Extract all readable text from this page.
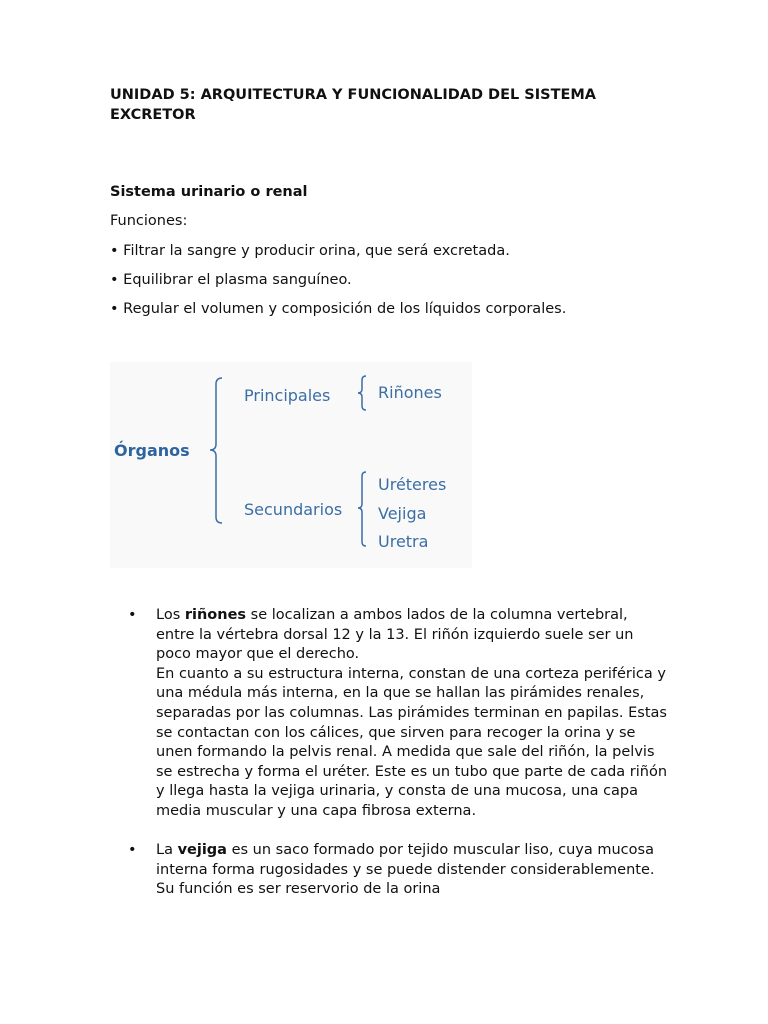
UNIDAD 5: ARQUITECTURA Y FUNCIONALIDAD DEL SISTEMA EXCRETOR
Sistema urinario o renal

Funciones:

• Filtrar la sangre y producir orina, que será excretada.

• Equilibrar el plasma sanguíneo.

• Regular el volumen y composición de los líquidos corporales.

Órganos
Principales	Riñones
Secundarios
Uréteres
Vejiga
Uretra
• Los riñones se localizan a ambos lados de la columna vertebral, entre la vértebra dorsal 12 y la 13. El riñón izquierdo suele ser un poco mayor que el derecho.

En cuanto a su estructura interna, constan de una corteza periférica y una médula más interna, en la que se hallan las pirámides renales, separadas por las columnas. Las pirámides terminan en papilas. Estas se contactan con los cálices, que sirven para recoger la orina y se unen formando la pelvis renal. A medida que sale del riñón, la pelvis se estrecha y forma el uréter. Este es un tubo que parte de cada riñón y llega hasta la vejiga urinaria, y consta de una mucosa, una capa media muscular y una capa fibrosa externa.

• La vejiga es un saco formado por tejido muscular liso, cuya mucosa interna forma rugosidades y se puede distender considerablemente. Su función es ser reservorio de la orina
